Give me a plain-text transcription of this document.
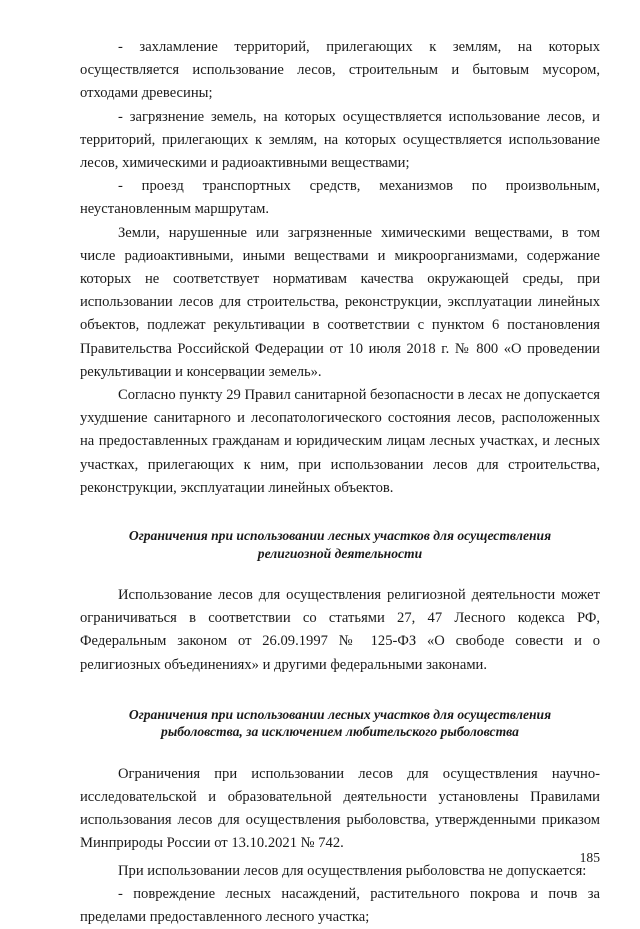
- захламление территорий, прилегающих к землям, на которых осуществляется использование лесов, строительным и бытовым мусором, отходами древесины;

- загрязнение земель, на которых осуществляется использование лесов, и территорий, прилегающих к землям, на которых осуществляется использование лесов, химическими и радиоактивными веществами;

- проезд транспортных средств, механизмов по произвольным, неустановленным маршрутам.

Земли, нарушенные или загрязненные химическими веществами, в том числе радиоактивными, иными веществами и микроорганизмами, содержание которых не соответствует нормативам качества окружающей среды, при использовании лесов для строительства, реконструкции, эксплуатации линейных объектов, подлежат рекультивации в соответствии с пунктом 6 постановления Правительства Российской Федерации от 10 июля 2018 г. № 800 «О проведении рекультивации и консервации земель».

Согласно пункту 29 Правил санитарной безопасности в лесах не допускается ухудшение санитарного и лесопатологического состояния лесов, расположенных на предоставленных гражданам и юридическим лицам лесных участках, и лесных участках, прилегающих к ним, при использовании лесов для строительства, реконструкции, эксплуатации линейных объектов.

Ограничения при использовании лесных участков для осуществления религиозной деятельности

Использование лесов для осуществления религиозной деятельности может ограничиваться в соответствии со статьями 27, 47 Лесного кодекса РФ, Федеральным законом от 26.09.1997 № 125-ФЗ «О свободе совести и о религиозных объединениях» и другими федеральными законами.

Ограничения при использовании лесных участков для осуществления рыболовства, за исключением любительского рыболовства

Ограничения при использовании лесов для осуществления научно-исследовательской и образовательной деятельности установлены Правилами использования лесов для осуществления рыболовства, утвержденными приказом Минприроды России от 13.10.2021 № 742.

При использовании лесов для осуществления рыболовства не допускается:

- повреждение лесных насаждений, растительного покрова и почв за пределами предоставленного лесного участка;

185
